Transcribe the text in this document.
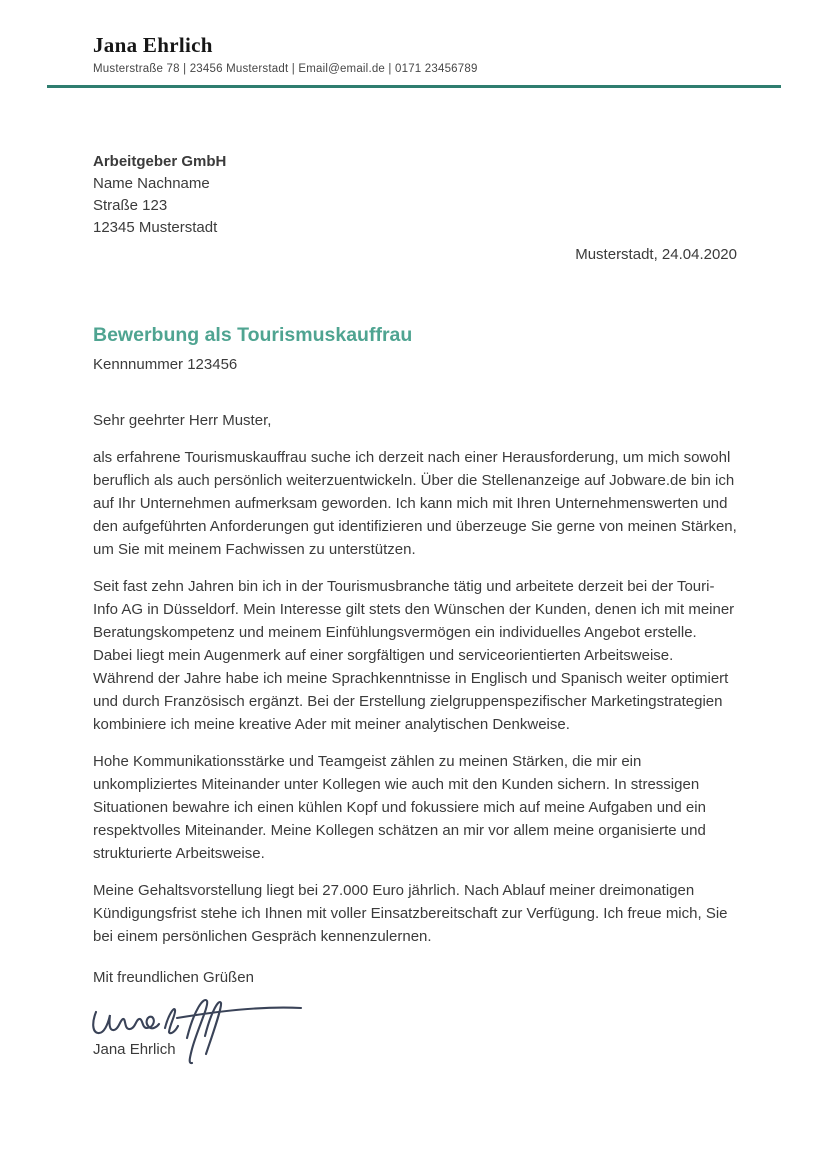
Jana Ehrlich
Musterstraße 78 | 23456 Musterstadt | Email@email.de | 0171 23456789
Arbeitgeber GmbH
Name Nachname
Straße 123
12345 Musterstadt
Musterstadt, 24.04.2020
Bewerbung als Tourismuskauffrau
Kennnummer 123456
Sehr geehrter Herr Muster,

als erfahrene Tourismuskauffrau suche ich derzeit nach einer Herausforderung, um mich sowohl beruflich als auch persönlich weiterzuentwickeln. Über die Stellenanzeige auf Jobware.de bin ich auf Ihr Unternehmen aufmerksam geworden. Ich kann mich mit Ihren Unternehmenswerten und den aufgeführten Anforderungen gut identifizieren und überzeuge Sie gerne von meinen Stärken, um Sie mit meinem Fachwissen zu unterstützen.

Seit fast zehn Jahren bin ich in der Tourismusbranche tätig und arbeitete derzeit bei der Touri-Info AG in Düsseldorf. Mein Interesse gilt stets den Wünschen der Kunden, denen ich mit meiner Beratungskompetenz und meinem Einfühlungsvermögen ein individuelles Angebot erstelle. Dabei liegt mein Augenmerk auf einer sorgfältigen und serviceorientierten Arbeitsweise. Während der Jahre habe ich meine Sprachkenntnisse in Englisch und Spanisch weiter optimiert und durch Französisch ergänzt. Bei der Erstellung zielgruppenspezifischer Marketingstrategien kombiniere ich meine kreative Ader mit meiner analytischen Denkweise.

Hohe Kommunikationsstärke und Teamgeist zählen zu meinen Stärken, die mir ein unkompliziertes Miteinander unter Kollegen wie auch mit den Kunden sichern. In stressigen Situationen bewahre ich einen kühlen Kopf und fokussiere mich auf meine Aufgaben und ein respektvolles Miteinander. Meine Kollegen schätzen an mir vor allem meine organisierte und strukturierte Arbeitsweise.

Meine Gehaltsvorstellung liegt bei 27.000 Euro jährlich. Nach Ablauf meiner dreimonatigen Kündigungsfrist stehe ich Ihnen mit voller Einsatzbereitschaft zur Verfügung. Ich freue mich, Sie bei einem persönlichen Gespräch kennenzulernen.

Mit freundlichen Grüßen
Jana Ehrlich
